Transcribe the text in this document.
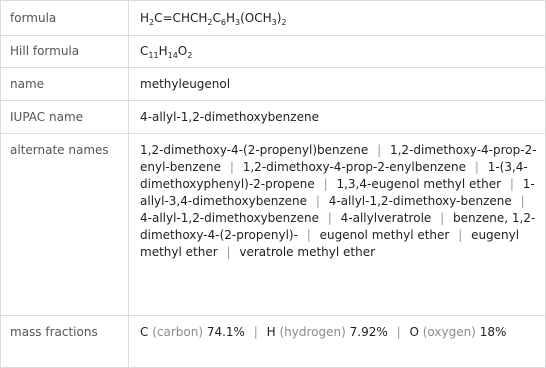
formula	$H_2C=CHCH_2C_6H_3(OCH_3)_2$
Hill formula	$C_{11}H_{14}O_2$
name	methyleugenol
IUPAC name	4-allyl-1,2-dimethoxybenzene
alternate names	1,2-dimethoxy-4-(2-propenyl)benzene | 1,2-dimethoxy-4-prop-2-enyl-benzene | 1,2-dimethoxy-4-prop-2-enylbenzene | 1-(3,4-dimethoxyphenyl)-2-propene | 1,3,4-eugenol methyl ether | 1-allyl-3,4-dimethoxybenzene | 4-allyl-1,2-dimethoxy-benzene | 4-allyl-1,2-dimethoxybenzene | 4-allylveratrole | benzene, 1,2-dimethoxy-4-(2-propenyl)- | eugenol methyl ether | eugenyl methyl ether | veratrole methyl ether
mass fractions	C (carbon) 74.1% | H (hydrogen) 7.92% | O (oxygen) 18%
